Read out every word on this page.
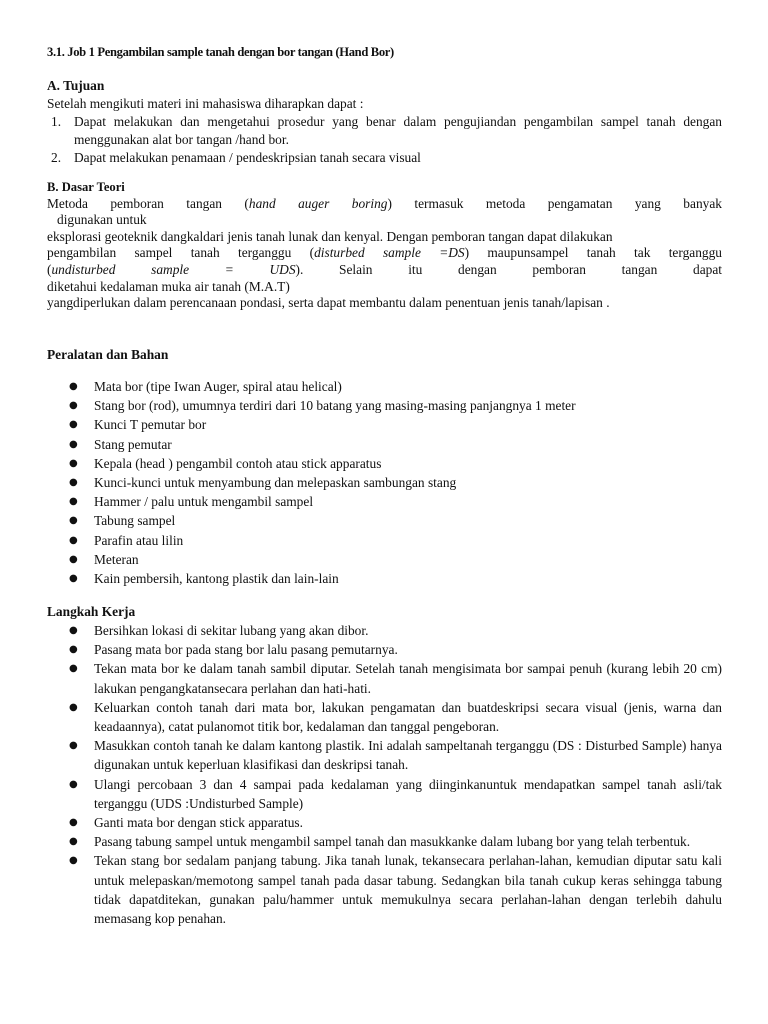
3.1. Job 1 Pengambilan sample tanah dengan bor tangan (Hand Bor)
A. Tujuan
Setelah mengikuti materi ini mahasiswa diharapkan dapat :
1. Dapat melakukan dan mengetahui prosedur yang benar dalam pengujiandan pengambilan sampel tanah dengan menggunakan alat bor tangan /hand bor.
2. Dapat melakukan penamaan / pendeskripsian tanah secara visual
B. Dasar Teori
Metoda pemboran tangan (hand auger boring) termasuk metoda pengamatan yang banyak
digunakan untuk
eksplorasi geoteknik dangkaldari jenis tanah lunak dan kenyal. Dengan pemboran tangan dapat dilakukan
pengambilan sampel tanah terganggu (disturbed sample =DS) maupunsampel tanah tak terganggu
(undisturbed sample = UDS). Selain itu dengan pemboran tangan dapat
diketahui kedalaman muka air tanah (M.A.T)
yangdiperlukan dalam perencanaan pondasi, serta dapat membantu dalam penentuan jenis tanah/lapisan .
Peralatan dan Bahan
● Mata bor (tipe Iwan Auger, spiral atau helical)
● Stang bor (rod), umumnya terdiri dari 10 batang yang masing-masing panjangnya 1 meter
● Kunci T pemutar bor
● Stang pemutar
● Kepala (head ) pengambil contoh atau stick apparatus
● Kunci-kunci untuk menyambung dan melepaskan sambungan stang
● Hammer / palu untuk mengambil sampel
● Tabung sampel
● Parafin atau lilin
● Meteran
● Kain pembersih, kantong plastik dan lain-lain
Langkah Kerja
● Bersihkan lokasi di sekitar lubang yang akan dibor.
● Pasang mata bor pada stang bor lalu pasang pemutarnya.
● Tekan mata bor ke dalam tanah sambil diputar. Setelah tanah mengisimata bor sampai penuh (kurang lebih 20 cm) lakukan pengangkatansecara perlahan dan hati-hati.
● Keluarkan contoh tanah dari mata bor, lakukan pengamatan dan buatdeskripsi secara visual (jenis, warna dan keadaannya), catat pulanomot titik bor, kedalaman dan tanggal pengeboran.
● Masukkan contoh tanah ke dalam kantong plastik. Ini adalah sampeltanah terganggu (DS : Disturbed Sample) hanya digunakan untuk keperluan klasifikasi dan deskripsi tanah.
● Ulangi percobaan 3 dan 4 sampai pada kedalaman yang diinginkanuntuk mendapatkan sampel tanah asli/tak terganggu (UDS :Undisturbed Sample)
● Ganti mata bor dengan stick apparatus.
● Pasang tabung sampel untuk mengambil sampel tanah dan masukkanke dalam lubang bor yang telah terbentuk.
● Tekan stang bor sedalam panjang tabung. Jika tanah lunak, tekansecara perlahan-lahan, kemudian diputar satu kali untuk melepaskan/memotong sampel tanah pada dasar tabung. Sedangkan bila tanah cukup keras sehingga tabung tidak dapatditekan, gunakan palu/hammer untuk memukulnya secara perlahan-lahan dengan terlebih dahulu memasang kop penahan.
